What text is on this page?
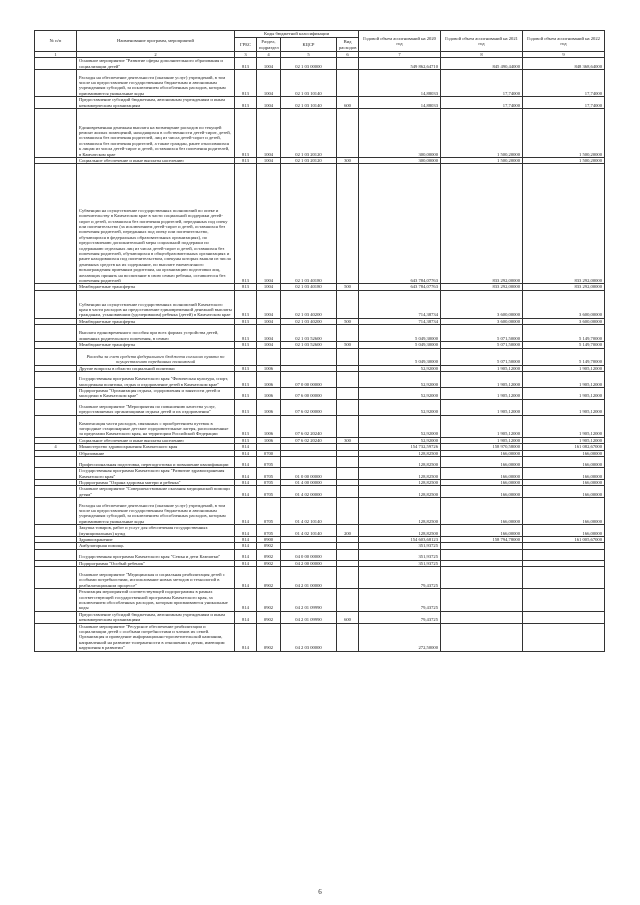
№ п/п	Наименование программ, мероприятий	Коды бюджетной классификации				Годовой объем ассигнований на 2020 год	Годовой объем ассигнований на 2021 год	Годовой объем ассигнований на 2022 год
		ГРБС	Раздел, подраздел	КЦСР	Вид расходов			
1	2	3	4	5	6	7	8	9
	Основное мероприятие "Развитие сферы дополнительного образования и социализации детей"	813	1004	02 1 03 00000		549 862,64710	845 490,44000	848 368,64000
	Расходы на обеспечение деятельности (оказание услуг) учреждений, в том числе на предоставление государственным бюджетным и автономным учреждениям субсидий, за исключением обособленных расходов, которым присваиваются уникальные коды	813	1004	02 1 03 10140		14,88033	17,74000	17,74000
	Предоставление субсидий бюджетным, автономным учреждениям и иным некоммерческим организациям	813	1004	02 1 03 10140	600	14,88033	17,74000	17,74000
	Единовременная денежная выплата на возмещение расходов по текущей ремонт жилых помещений, находящихся в собственности детей-сирот, детей, оставшихся без попечения родителей, лиц из числа детей-сирот и детей, оставшихся без попечения родителей, а также граждан, ранее относившихся к лицам из числа детей-сирот и детей, оставшихся без попечения родителей, в Камчатском крае	813	1004	02 1 03 20120		300,00000	1 500,20000	1 500,20000
	Социальное обеспечение и иные выплаты населению	813	1004	02 1 03 20120	300	300,00000	1 500,20000	1 500,20000
	Субвенции на осуществление государственных полномочий по опеке и попечительству в Камчатском крае в части социальной поддержки детей-сирот и детей, оставшихся без попечения родителей, переданных под опеку или попечительство (за исключением детей-сирот и детей, оставшихся без попечения родителей, переданных под опеку или попечительство, обучающихся в федеральных образовательных организациях), по предоставлению дополнительной меры социальной поддержки по содержанию отдельных лиц из числа детей-сирот и детей, оставшихся без попечения родителей, обучающихся в общеобразовательных организациях и ранее находившихся под попечительством, опекуны которых вышли из числа денежных средств на их содержание, по выплате ежемесячного вознаграждения приемным родителям, на организацию подготовки лиц, желающих принять на воспитание в свою семью ребенка, оставшегося без попечения родителей	813	1004	02 1 03 40180		643 784,07763	833 292,00000	833 292,00000
	Межбюджетные трансферты	813	1004	02 1 03 40180	500	643 784,07763	833 292,00000	833 292,00000
	Субвенции на осуществление государственных полномочий Камчатского края в части расходов на предоставление единовременной денежной выплаты гражданам, усыновившим (удочерившим) ребенка (детей) в Камчатском крае	813	1004	02 1 03 40200		714,38734	3 600,00000	3 600,00000
	Межбюджетные трансферты	813	1004	02 1 03 40200	500	714,38734	3 600,00000	3 600,00000
	Выплата единовременного пособия при всех формах устройства детей, лишенных родительского попечения, в семью	813	1004	02 1 03 52600		5 049,30000	5 071,50000	5 149,70000
	Межбюджетные трансферты	813	1004	02 1 03 52600	500	5 049,30000	5 071,50000	5 149,70000
	Расходы за счет средств федерального бюджета согласно пункта по осуществлению переданных полномочий					5 049,30000	5 071,50000	5 149,70000
	Другие вопросы в области социальной политики	813	1006			52,92000	1 905,12000	1 905,12000
	Государственная программа Камчатского края "Физическая культура, спорт, молодежная политика, отдых и оздоровление детей в Камчатском крае"	813	1006	07 0 00 00000		52,92000	1 905,12000	1 905,12000
	Подпрограмма "Организация отдыха, оздоровления и занятости детей и молодежи в Камчатском крае"	813	1006	07 6 00 00000		52,92000	1 905,12000	1 905,12000
	Основное мероприятие "Мероприятия по повышению качества услуг, предоставляемых организациями отдыха детей и их оздоровления"	813	1006	07 6 02 00000		52,92000	1 905,12000	1 905,12000
	Компенсация части расходов, связанных с приобретением путевок в загородные стационарные детские оздоровительные лагеря, расположенные за пределами Камчатского края, на территории Российской Федерации	813	1006	07 6 02 20240		52,92000	1 905,12000	1 905,12000
	Социальное обеспечение и иные выплаты населению	813	1006	07 6 02 20240	300	52,92000	1 905,12000	1 905,12000
4	Министерство здравоохранения Камчатского края	814				154 732,59726	158 970,58000	161 082,67000
	Образование	814	0700			128,82500	166,00000	166,00000
	Профессиональная подготовка, переподготовка и повышение квалификации	814	0705			128,82500	166,00000	166,00000
	Государственная программа Камчатского края "Развитие здравоохранения Камчатского края"	814	0705	01 0 00 00000		128,82500	166,00000	166,00000
	Подпрограмма "Охрана здоровья матери и ребенка"	814	0705	01 4 00 00000		128,82500	166,00000	166,00000
	Основное мероприятие "Совершенствование оказания медицинской помощи детям"	814	0705	01 4 02 00000		128,82500	166,00000	166,00000
	Расходы на обеспечение деятельности (оказание услуг) учреждений, в том числе на предоставление государственным бюджетным и автономным учреждениям субсидий, за исключением обособленных расходов, которым присваиваются уникальные коды	814	0705	01 4 02 10140		128,82500	166,00000	166,00000
	Закупка товаров, работ и услуг для обеспечения государственных (муниципальных) нужд	814	0705	01 4 02 10140	200	128,82500	166,00000	166,00000
	Здравоохранение	814	0900			154 603,68123	158 794,78000	161 005,67000
	Амбулаторная помощь	814	0902			351,93725		
	Государственная программа Камчатского края "Семья и дети Камчатки"	814	0902	04 0 00 00000		351,93725		
	Подпрограмма "Особый ребенок"	814	0902	04 2 00 00000		351,93725		
	Основное мероприятие "Медицинская и социальная реабилитация детей с особыми потребностями, использование новых методов и технологий в реабилитационном процессе"	814	0902	04 2 01 00000		79,43725		
	Реализация мероприятий соответствующей подпрограммы в рамках соответствующей государственной программы Камчатского края, за исключением обособленных расходов, которым присваиваются уникальные коды	814	0902	04 2 01 09990		79,43725		
	Предоставление субсидий бюджетным, автономным учреждениям и иным некоммерческим организациям	814	0902	04 2 01 09990	600	79,43725		
	Основное мероприятие "Ресурсное обеспечение реабилитации и социализации детей с особыми потребностями и членов их семей. Организация и проведение информационно-просветительской кампании, направленной на развитие толерантности в отношении к детям, имеющим нарушения в развитии"	814	0902	04 2 03 00000		272,50000		
6
